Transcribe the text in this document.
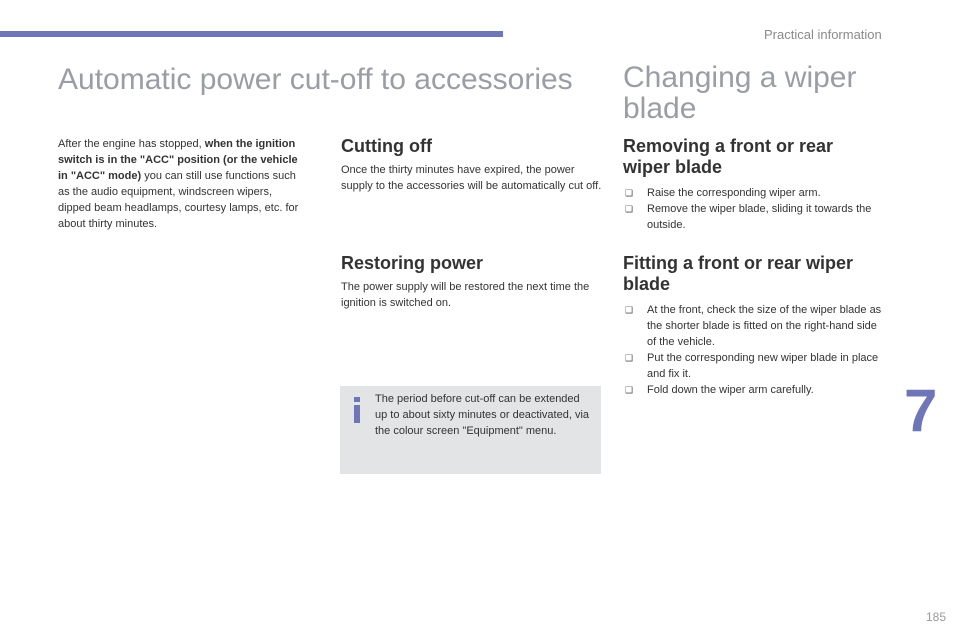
Practical information
Automatic power cut-off to accessories	Changing a wiper blade

After the engine has stopped, when the ignition switch is in the "ACC" position (or the vehicle in "ACC" mode) you can still use functions such as the audio equipment, windscreen wipers, dipped beam headlamps, courtesy lamps, etc. for about thirty minutes.

Cutting off

Once the thirty minutes have expired, the power supply to the accessories will be automatically cut off.

Restoring power

The power supply will be restored the next time the ignition is switched on.

The period before cut-off can be extended up to about sixty minutes or deactivated, via the colour screen "Equipment" menu.

Removing a front or rear wiper blade
❑ Raise the corresponding wiper arm.
❑ Remove the wiper blade, sliding it towards the outside.
Fitting a front or rear wiper blade
❑ At the front, check the size of the wiper blade as the shorter blade is fitted on the right-hand side of the vehicle.
❑ Put the corresponding new wiper blade in place and fix it.
❑ Fold down the wiper arm carefully.	7
185
